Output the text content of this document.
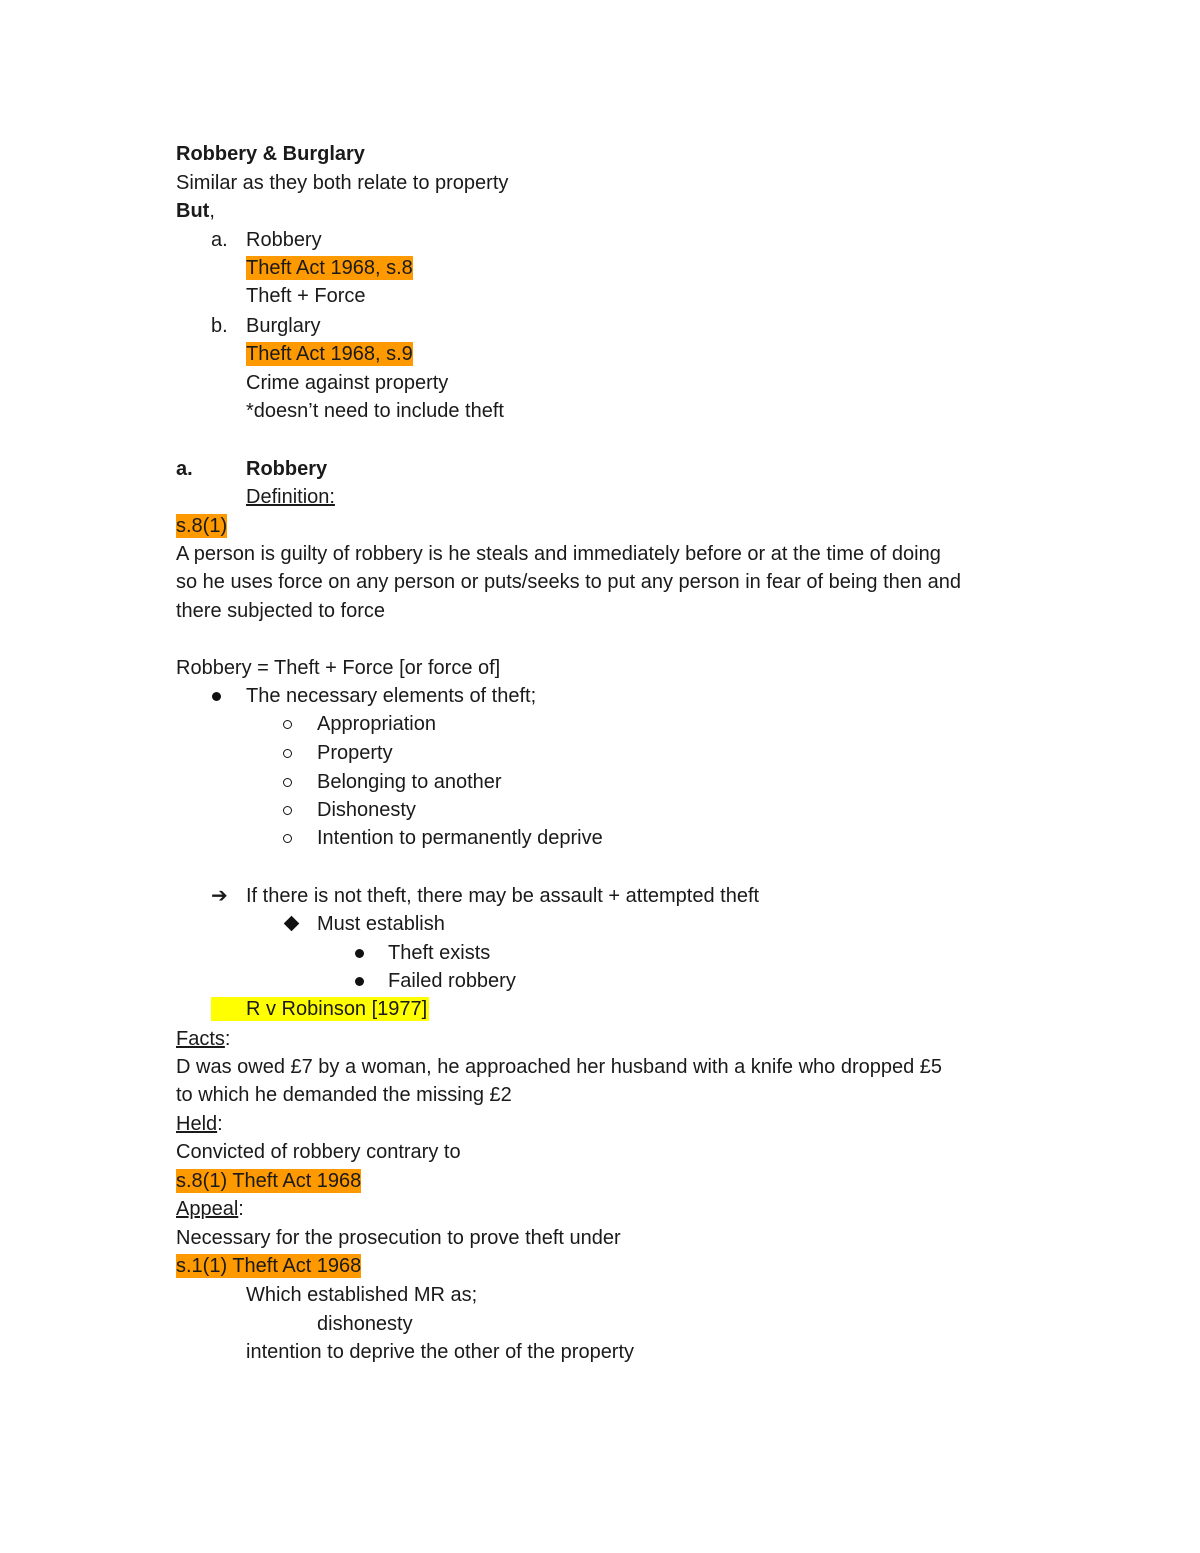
Robbery & Burglary
Similar as they both relate to property
But,
a. Robbery
Theft Act 1968, s.8
Theft + Force
b. Burglary
Theft Act 1968, s.9
Crime against property
*doesn’t need to include theft
a.	Robbery
Definition:
s.8(1)
A person is guilty of robbery is he steals and immediately before or at the time of doing
so he uses force on any person or puts/seeks to put any person in fear of being then and
there subjected to force
Robbery = Theft + Force [or force of]
The necessary elements of theft;
Appropriation
Property
Belonging to another
Dishonesty
Intention to permanently deprive
➔ If there is not theft, there may be assault + attempted theft
Must establish
Theft exists
Failed robbery
R v Robinson [1977]
Facts:
D was owed £7 by a woman, he approached her husband with a knife who dropped £5
to which he demanded the missing £2
Held:
Convicted of robbery contrary to
s.8(1) Theft Act 1968
Appeal:
Necessary for the prosecution to prove theft under
s.1(1) Theft Act 1968
Which established MR as;
dishonesty
intention to deprive the other of the property
